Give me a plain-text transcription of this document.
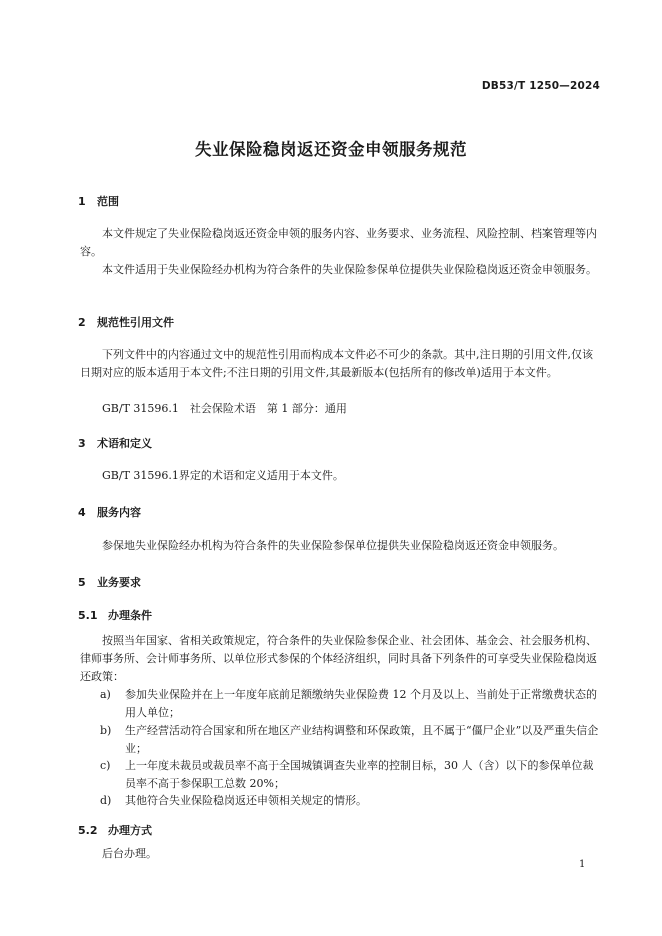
DB53/T 1250—2024
失业保险稳岗返还资金申领服务规范
1 范围

本文件规定了失业保险稳岗返还资金申领的服务内容、业务要求、业务流程、风险控制、档案管理等内容。

本文件适用于失业保险经办机构为符合条件的失业保险参保单位提供失业保险稳岗返还资金申领服务。

2 规范性引用文件

下列文件中的内容通过文中的规范性引用而构成本文件必不可少的条款。其中,注日期的引用文件,仅该日期对应的版本适用于本文件;不注日期的引用文件,其最新版本(包括所有的修改单)适用于本文件。

GB/T 31596.1　社会保险术语　第 1 部分：通用

3 术语和定义

GB/T 31596.1界定的术语和定义适用于本文件。

4 服务内容

参保地失业保险经办机构为符合条件的失业保险参保单位提供失业保险稳岗返还资金申领服务。

5 业务要求
5.1 办理条件

按照当年国家、省相关政策规定，符合条件的失业保险参保企业、社会团体、基金会、社会服务机构、律师事务所、会计师事务所、以单位形式参保的个体经济组织，同时具备下列条件的可享受失业保险稳岗返还政策：

a) 参加失业保险并在上一年度年底前足额缴纳失业保险费 12 个月及以上、当前处于正常缴费状态的用人单位；
b) 生产经营活动符合国家和所在地区产业结构调整和环保政策，且不属于“僵尸企业”以及严重失信企业；
c) 上一年度未裁员或裁员率不高于全国城镇调查失业率的控制目标，30 人（含）以下的参保单位裁员率不高于参保职工总数 20%；
d) 其他符合失业保险稳岗返还申领相关规定的情形。
5.2 办理方式

后台办理。

1
